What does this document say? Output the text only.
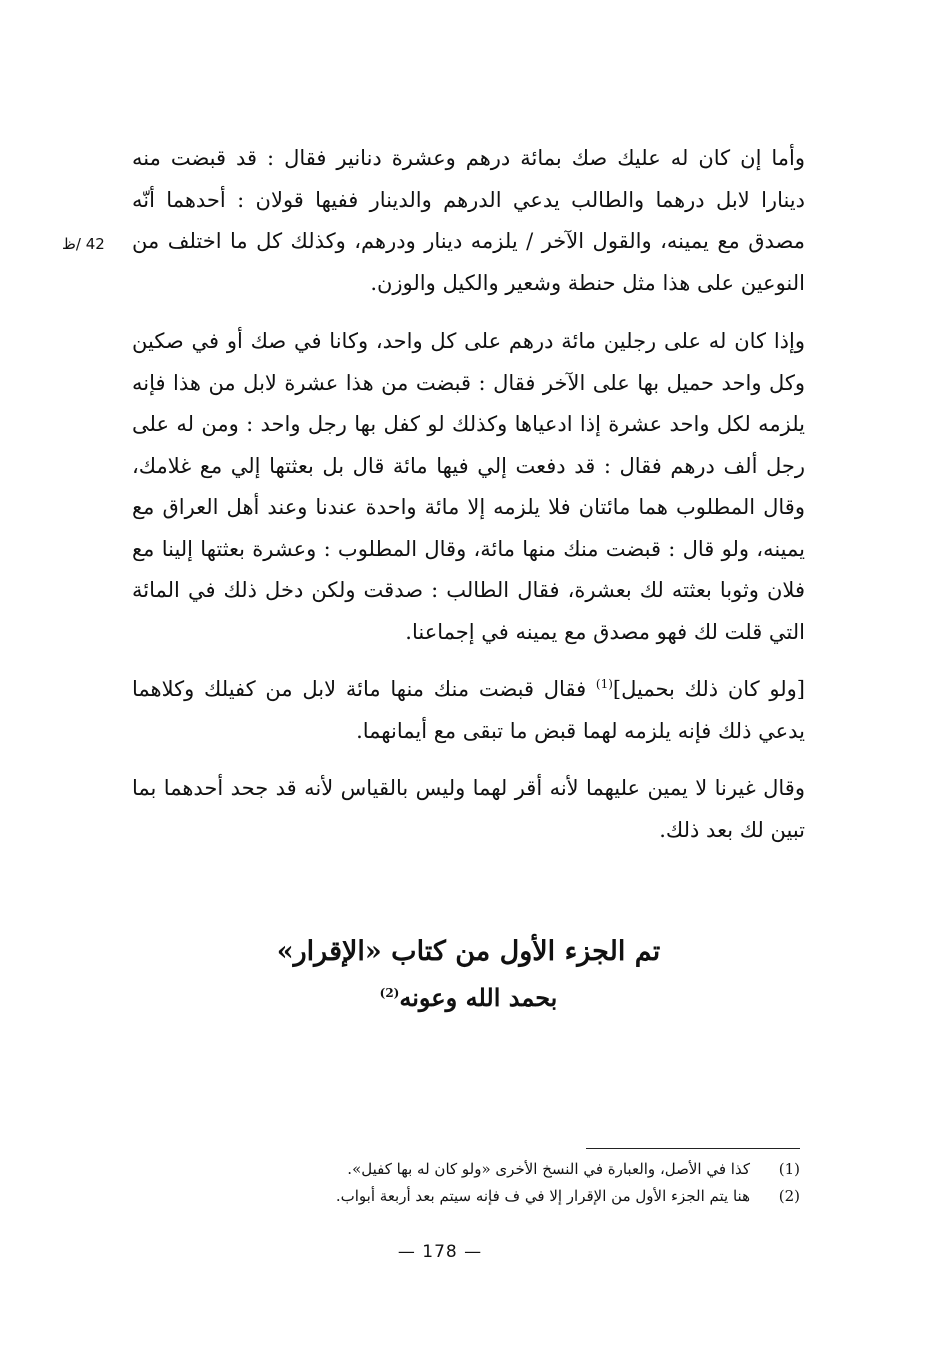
42 /ظ

وأما إن كان له عليك صك بمائة درهم وعشرة دنانير فقال : قد قبضت منه دينارا لابل درهما والطالب يدعي الدرهم والدينار ففيها قولان : أحدهما أنّه مصدق مع يمينه، والقول الآخر / يلزمه دينار ودرهم، وكذلك كل ما اختلف من النوعين على هذا مثل حنطة وشعير والكيل والوزن.

وإذا كان له على رجلين مائة درهم على كل واحد، وكانا في صك أو في صكين وكل واحد حميل بها على الآخر فقال : قبضت من هذا عشرة لابل من هذا فإنه يلزمه لكل واحد عشرة إذا ادعياها وكذلك لو كفل بها رجل واحد : ومن له على رجل ألف درهم فقال : قد دفعت إلي فيها مائة قال بل بعثتها إلي مع غلامك، وقال المطلوب هما مائتان فلا يلزمه إلا مائة واحدة عندنا وعند أهل العراق مع يمينه، ولو قال : قبضت منك منها مائة، وقال المطلوب : وعشرة بعثتها إلينا مع فلان وثوبا بعثته لك بعشرة، فقال الطالب : صدقت ولكن دخل ذلك في المائة التي قلت لك فهو مصدق مع يمينه في إجماعنا.

[ولو كان ذلك بحميل]$^{(1)}$ فقال قبضت منك منها مائة لابل من كفيلك وكلاهما يدعي ذلك فإنه يلزمه لهما قبض ما تبقى مع أيمانهما.

وقال غيرنا لا يمين عليهما لأنه أقر لهما وليس بالقياس لأنه قد جحد أحدهما بما تبين لك بعد ذلك.

تم الجزء الأول من كتاب «الإقرار»
بحمد الله وعونه$^{(2)}$
(1)
كذا في الأصل، والعبارة في النسخ الأخرى «ولو كان له بها كفيل».
(2)
هنا يتم الجزء الأول من الإقرار إلا في ف فإنه سيتم بعد أربعة أبواب.
— 178 —
